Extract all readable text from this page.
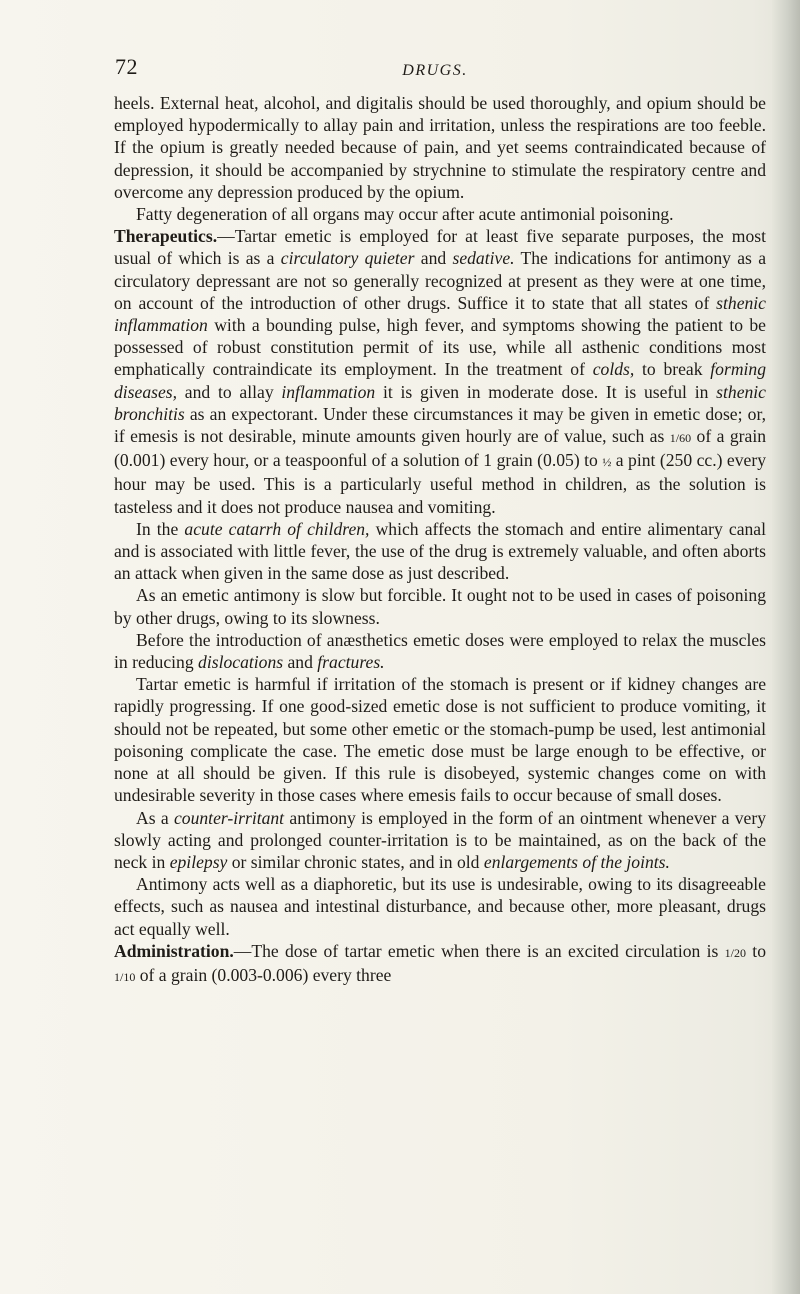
72	DRUGS.

heels. External heat, alcohol, and digitalis should be used thoroughly, and opium should be employed hypodermically to allay pain and irritation, unless the respirations are too feeble. If the opium is greatly needed because of pain, and yet seems contraindicated because of depression, it should be accompanied by strychnine to stimulate the respiratory centre and overcome any depression produced by the opium.

Fatty degeneration of all organs may occur after acute antimonial poisoning.

Therapeutics.—Tartar emetic is employed for at least five separate purposes, the most usual of which is as a circulatory quieter and sedative. The indications for antimony as a circulatory depressant are not so generally recognized at present as they were at one time, on account of the introduction of other drugs. Suffice it to state that all states of sthenic inflammation with a bounding pulse, high fever, and symptoms showing the patient to be possessed of robust constitution permit of its use, while all asthenic conditions most emphatically contraindicate its employment. In the treatment of colds, to break forming diseases, and to allay inflammation it is given in moderate dose. It is useful in sthenic bronchitis as an expectorant. Under these circumstances it may be given in emetic dose; or, if emesis is not desirable, minute amounts given hourly are of value, such as 1/60 of a grain (0.001) every hour, or a teaspoonful of a solution of 1 grain (0.05) to ½ a pint (250 cc.) every hour may be used. This is a particularly useful method in children, as the solution is tasteless and it does not produce nausea and vomiting.

In the acute catarrh of children, which affects the stomach and entire alimentary canal and is associated with little fever, the use of the drug is extremely valuable, and often aborts an attack when given in the same dose as just described.

As an emetic antimony is slow but forcible. It ought not to be used in cases of poisoning by other drugs, owing to its slowness.

Before the introduction of anæsthetics emetic doses were employed to relax the muscles in reducing dislocations and fractures.

Tartar emetic is harmful if irritation of the stomach is present or if kidney changes are rapidly progressing. If one good-sized emetic dose is not sufficient to produce vomiting, it should not be repeated, but some other emetic or the stomach-pump be used, lest antimonial poisoning complicate the case. The emetic dose must be large enough to be effective, or none at all should be given. If this rule is disobeyed, systemic changes come on with undesirable severity in those cases where emesis fails to occur because of small doses.

As a counter-irritant antimony is employed in the form of an ointment whenever a very slowly acting and prolonged counter-irritation is to be maintained, as on the back of the neck in epilepsy or similar chronic states, and in old enlargements of the joints.

Antimony acts well as a diaphoretic, but its use is undesirable, owing to its disagreeable effects, such as nausea and intestinal disturbance, and because other, more pleasant, drugs act equally well.

Administration.—The dose of tartar emetic when there is an excited circulation is 1/20 to 1/10 of a grain (0.003-0.006) every three
